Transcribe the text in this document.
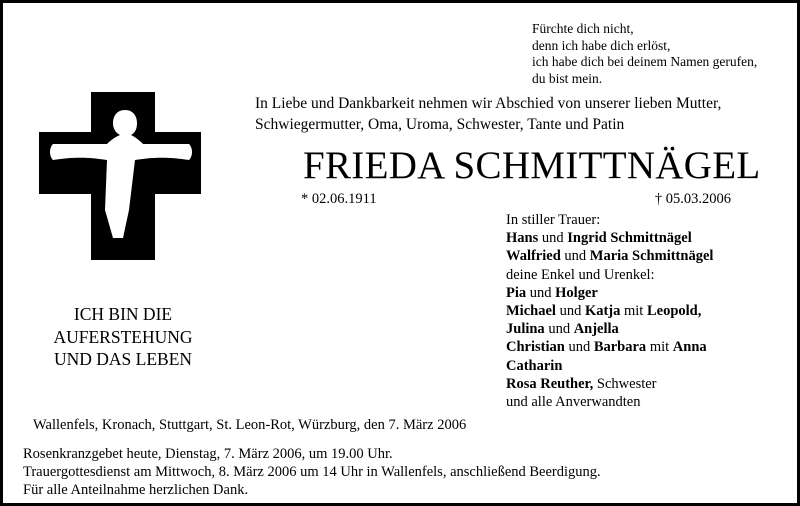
Fürchte dich nicht,
denn ich habe dich erlöst,
ich habe dich bei deinem Namen gerufen,
du bist mein.
In Liebe und Dankbarkeit nehmen wir Abschied von unserer lieben Mutter,
Schwiegermutter, Oma, Uroma, Schwester, Tante und Patin
FRIEDA SCHMITTNÄGEL
* 02.06.1911	† 05.03.2006
In stiller Trauer:
Hans und Ingrid Schmittnägel
Walfried und Maria Schmittnägel
deine Enkel und Urenkel:
Pia und Holger
Michael und Katja mit Leopold,
Julina und Anjella
Christian und Barbara mit Anna
Catharin
Rosa Reuther, Schwester
und alle Anverwandten
ICH BIN DIE
AUFERSTEHUNG
UND DAS LEBEN
Wallenfels, Kronach, Stuttgart, St. Leon-Rot, Würzburg, den 7. März 2006
Rosenkranzgebet heute, Dienstag, 7. März 2006, um 19.00 Uhr.
Trauergottesdienst am Mittwoch, 8. März 2006 um 14 Uhr in Wallenfels, anschließend Beerdigung.
Für alle Anteilnahme herzlichen Dank.
